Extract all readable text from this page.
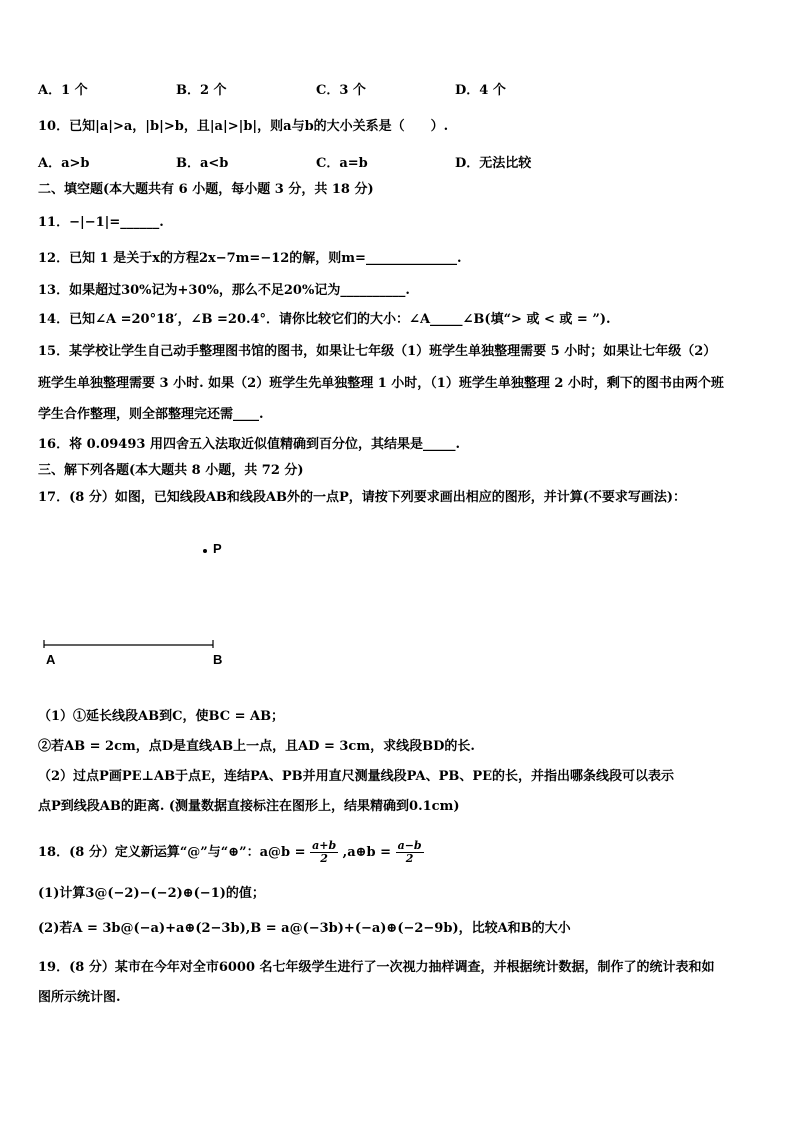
A．1 个	B．2 个	C．3 个	D．4 个
10．已知|a|>a，|b|>b，且|a|>|b|，则a与b的大小关系是（　　）.
A．a>b	B．a<b	C．a=b	D．无法比较
二、填空题(本大题共有 6 小题，每小题 3 分，共 18 分)
11．−|−1|=______.
12．已知 1 是关于x的方程2x−7m=−12的解，则m=______________.
13．如果超过30%记为+30%，那么不足20%记为__________.
14．已知∠A =20°18′，∠B =20.4°．请你比较它们的大小：∠A_____∠B(填“> 或 < 或 = ”).
15．某学校让学生自己动手整理图书馆的图书，如果让七年级（1）班学生单独整理需要 5 小时；如果让七年级（2）
班学生单独整理需要 3 小时. 如果（2）班学生先单独整理 1 小时，（1）班学生单独整理 2 小时，剩下的图书由两个班
学生合作整理，则全部整理完还需____.
16．将 0.09493 用四舍五入法取近似值精确到百分位，其结果是_____.
三、解下列各题(本大题共 8 小题，共 72 分)
17．(8 分）如图，已知线段AB和线段AB外的一点P，请按下列要求画出相应的图形，并计算(不要求写画法)：
P
A	B
（1）①延长线段AB到C，使BC = AB；
②若AB = 2cm，点D是直线AB上一点，且AD = 3cm，求线段BD的长.
（2）过点P画PE⊥AB于点E，连结PA、PB并用直尺测量线段PA、PB、PE的长，并指出哪条线段可以表示
点P到线段AB的距离. (测量数据直接标注在图形上，结果精确到0.1cm)
18．(8 分）定义新运算“@”与“⊕”：a@b = $\frac{a+b}{2}$ ,a⊕b = $\frac{a-b}{2}$
(1)计算3@(−2)−(−2)⊕(−1)的值；
(2)若A = 3b@(−a)+a⊕(2−3b),B = a@(−3b)+(−a)⊕(−2−9b)，比较A和B的大小
19．(8 分）某市在今年对全市6000 名七年级学生进行了一次视力抽样调查，并根据统计数据，制作了的统计表和如
图所示统计图.
